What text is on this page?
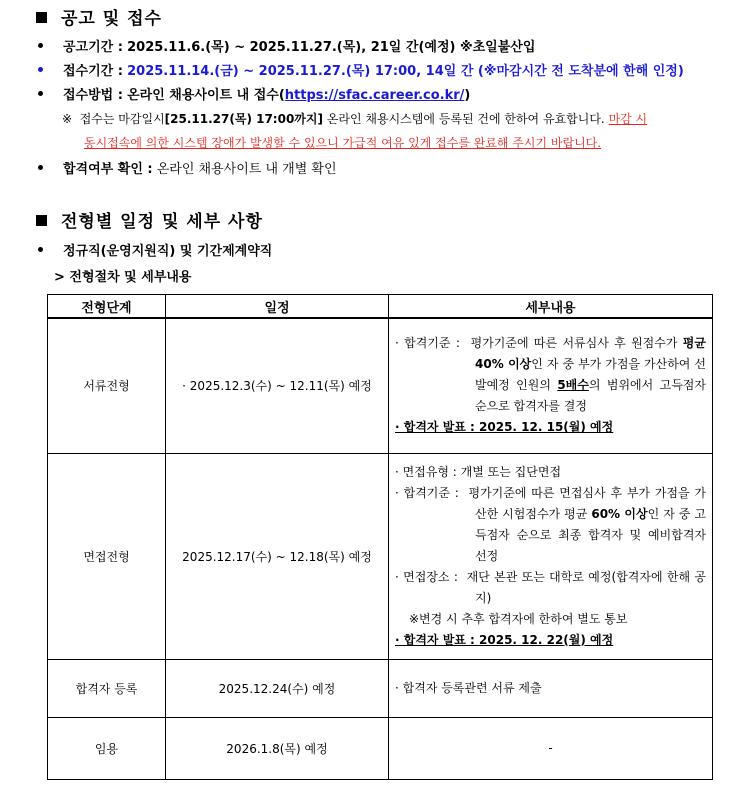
공고 및 접수
공고기간 : 2025.11.6.(목) ~ 2025.11.27.(목), 21일 간(예정) ※초일불산입
접수기간 : 2025.11.14.(금) ~ 2025.11.27.(목) 17:00, 14일 간 (※마감시간 전 도착분에 한해 인정)
접수방법 : 온라인 채용사이트 내 접수(https://sfac.career.co.kr/)
※ 접수는 마감일시[25.11.27(목) 17:00까지] 온라인 채용시스템에 등록된 건에 한하여 유효합니다. 마감 시
동시접속에 의한 시스템 장애가 발생할 수 있으니 가급적 여유 있게 접수를 완료해 주시기 바랍니다.
합격여부 확인 : 온라인 채용사이트 내 개별 확인
전형별 일정 및 세부 사항
정규직(운영지원직) 및 기간제계약직
> 전형절차 및 세부내용
전형단계	일정	세부내용
서류전형	· 2025.12.3(수) ~ 12.11(목) 예정	· 합격기준 : 평가기준에 따른 서류심사 후 원점수가 평균 40% 이상인 자 중 부가 가점을 가산하여 선발예정 인원의 5배수의 범위에서 고득점자 순으로 합격자를 결정
· 합격자 발표 : 2025. 12. 15(월) 예정

면접전형	2025.12.17(수) ~ 12.18(목) 예정	· 면접유형 : 개별 또는 집단면접
· 합격기준 : 평가기준에 따른 면접심사 후 부가 가점을 가산한 시험점수가 평균 60% 이상인 자 중 고득점자 순으로 최종 합격자 및 예비합격자 선정
· 면접장소 : 재단 본관 또는 대학로 예정(합격자에 한해 공지)
※변경 시 추후 합격자에 한하여 별도 통보
· 합격자 발표 : 2025. 12. 22(월) 예정

합격자 등록	2025.12.24(수) 예정	· 합격자 등록관련 서류 제출
임용	2026.1.8(목) 예정	-
